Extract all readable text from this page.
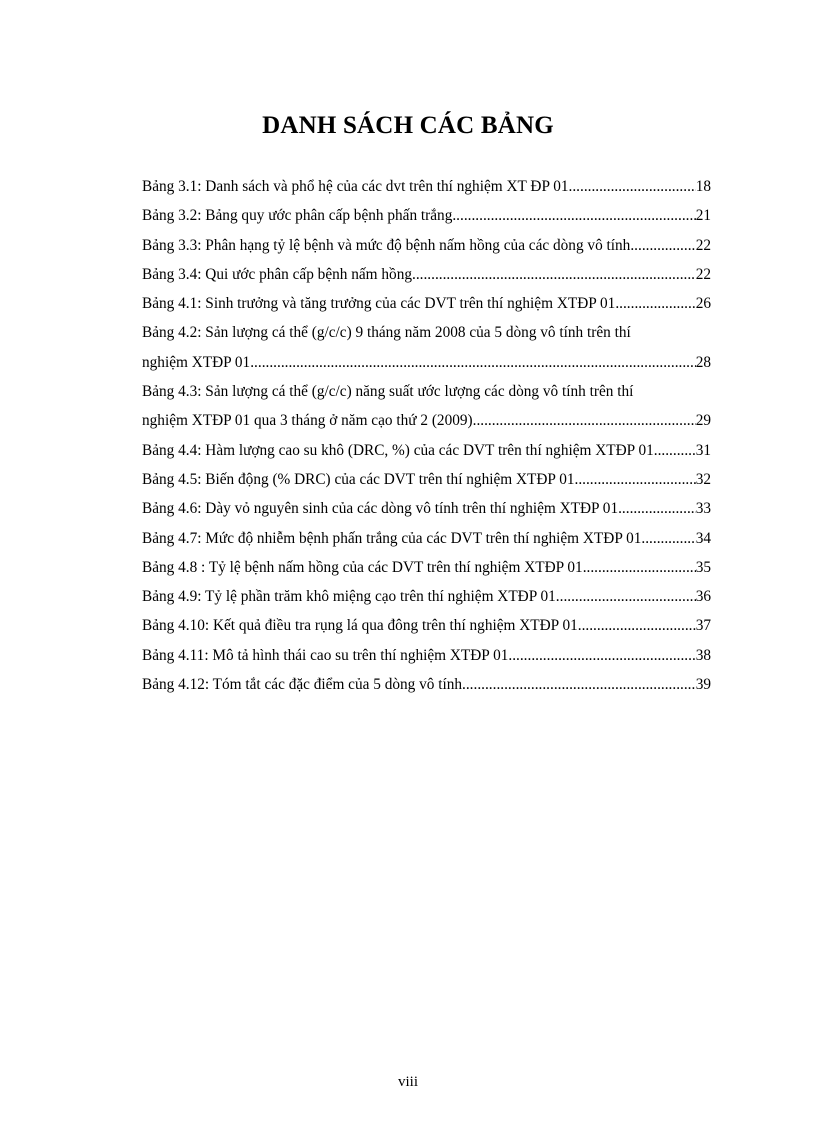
DANH SÁCH CÁC BẢNG
Bảng 3.1: Danh sách và phổ hệ của các dvt trên thí nghiệm XT ĐP 01 .....	18
Bảng 3.2: Bảng quy ước phân cấp bệnh phấn trắng .....	21
Bảng 3.3: Phân hạng tỷ lệ bệnh và mức độ bệnh nấm hồng của các dòng vô tính .....	22
Bảng 3.4: Qui ước phân cấp bệnh nấm hồng .....	22
Bảng 4.1: Sinh trưởng và tăng trưởng của các DVT trên thí nghiệm XTĐP 01 .....	26
Bảng 4.2: Sản lượng cá thể (g/c/c) 9 tháng năm 2008 của 5 dòng vô tính trên thí
nghiệm XTĐP 01 .....	28
Bảng 4.3: Sản lượng cá thể (g/c/c) năng suất ước lượng các dòng vô tính trên thí
nghiệm XTĐP 01 qua 3 tháng ở năm cạo thứ 2 (2009) .....	29
Bảng 4.4: Hàm lượng cao su khô (DRC, %) của các DVT trên thí nghiệm XTĐP 01 .....	31
Bảng 4.5: Biến động (% DRC) của các DVT trên thí nghiệm XTĐP 01 .....	32
Bảng 4.6: Dày vỏ nguyên sinh của các dòng vô tính trên thí nghiệm XTĐP 01 .....	33
Bảng 4.7: Mức độ nhiễm bệnh phấn trắng của các DVT trên thí nghiệm XTĐP 01 .....	34
Bảng 4.8 : Tỷ lệ bệnh nấm hồng của các DVT trên thí nghiệm XTĐP 01 .....	35
Bảng 4.9: Tỷ lệ phần trăm khô miệng cạo trên thí nghiệm XTĐP 01 .....	36
Bảng 4.10: Kết quả điều tra rụng lá qua đông trên thí nghiệm XTĐP 01 .....	37
Bảng 4.11: Mô tả hình thái cao su trên thí nghiệm XTĐP 01 .....	38
Bảng 4.12: Tóm tắt các đặc điểm của 5 dòng vô tính .....	39
viii
